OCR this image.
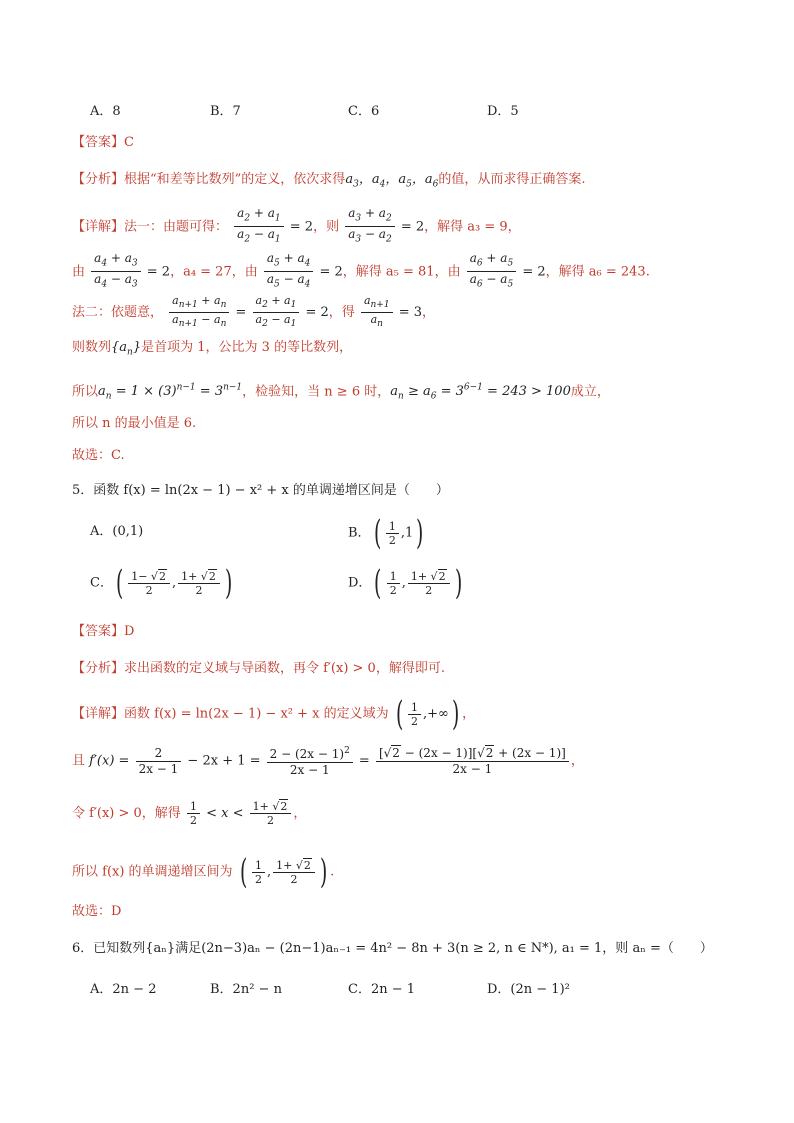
A．8	B．7	C．6	D．5
【答案】C
【分析】根据“和差等比数列”的定义，依次求得$a_3$，$a_4$，$a_5$，$a_6$的值，从而求得正确答案.
【详解】法一：由题可得： $\frac{a_2 + a_1}{a_2 - a_1} = 2$，则 $\frac{a_3 + a_2}{a_3 - a_2} = 2$，解得 a₃ = 9，
由 $\frac{a_4 + a_3}{a_4 - a_3} = 2$，a₄ = 27，由 $\frac{a_5 + a_4}{a_5 - a_4} = 2$，解得 a₅ = 81，由 $\frac{a_6 + a_5}{a_6 - a_5} = 2$，解得 a₆ = 243.
法二：依题意， $\frac{a_{n+1} + a_n}{a_{n+1} - a_n} = \frac{a_2 + a_1}{a_2 - a_1} = 2$，得 $\frac{a_{n+1}}{a_n} = 3$，
则数列$\{a_n\}$是首项为 1，公比为 3 的等比数列，
所以$a_n = 1 \times (3)^{n-1} = 3^{n-1}$，检验知，当 n ≥ 6 时，$a_n \ge a_6 = 3^{6-1} = 243 > 100$成立，
所以 n 的最小值是 6.
故选：C.
5．函数 f(x) = ln(2x − 1) − x² + x 的单调递增区间是（　　）
A．(0,1)	B．( $\frac{1}{2} ,1$)
C．( $\frac{1- √2}{2}$ , $\frac{1+ √2}{2}$ )	D．( $\frac{1}{2}$ , $\frac{1+ √2}{2}$ )
【答案】D
【分析】求出函数的定义域与导函数，再令 f′(x) > 0，解得即可.
【详解】函数 f(x) = ln(2x − 1) − x² + x 的定义域为 ( $\frac{1}{2}$ ,+∞) ，
且 $f'(x) = \frac{2}{2x - 1} - 2x + 1 = \frac{2 - (2x - 1)^2}{2x - 1} = \frac{[√2 - (2x - 1)][√2 + (2x - 1)]}{2x - 1}$ ，
令 f′(x) > 0，解得 $\frac{1}{2} < x < \frac{1+ √2}{2}$ ，
所以 f(x) 的单调递增区间为 ( $\frac{1}{2}$ , $\frac{1+ √2}{2}$ ) .
故选：D
6．已知数列{aₙ}满足(2n−3)aₙ − (2n−1)aₙ₋₁ = 4n² − 8n + 3(n ≥ 2, n ∈ N*), a₁ = 1，则 aₙ =（　　）
A．2n − 2	B．2n² − n	C．2n − 1	D．(2n − 1)²
